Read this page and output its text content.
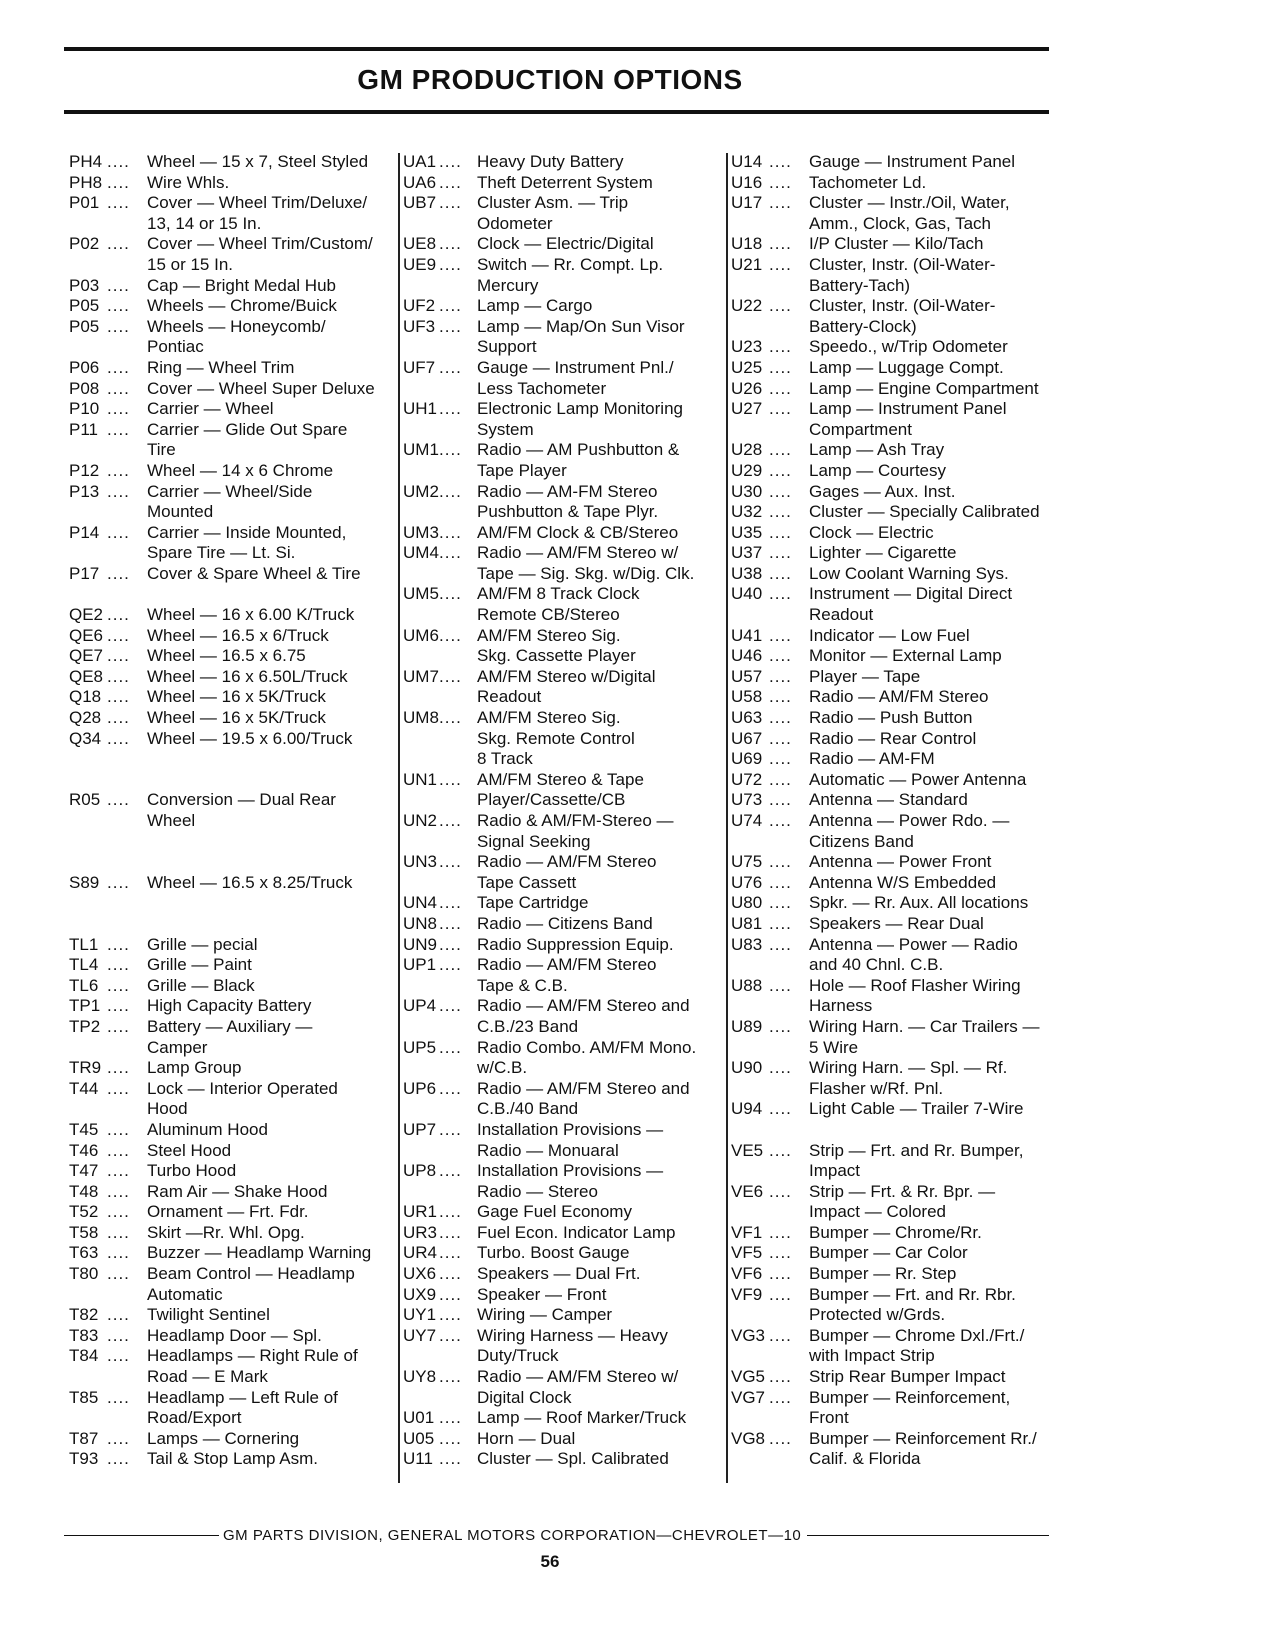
GM PRODUCTION OPTIONS
PH4 ....	Wheel — 15 x 7, Steel Styled
PH8 ....	Wire Whls.
P01 ....	Cover — Wheel Trim/Deluxe/
13, 14 or 15 In.
P02 ....	Cover — Wheel Trim/Custom/
15 or 15 In.
P03 ....	Cap — Bright Medal Hub
P05 ....	Wheels — Chrome/Buick
P05 ....	Wheels — Honeycomb/
Pontiac
P06 ....	Ring — Wheel Trim
P08 ....	Cover — Wheel Super Deluxe
P10 ....	Carrier — Wheel
P11 ....	Carrier — Glide Out Spare
Tire
P12 ....	Wheel — 14 x 6 Chrome
P13 ....	Carrier — Wheel/Side
Mounted
P14 ....	Carrier — Inside Mounted,
Spare Tire — Lt. Si.
P17 ....	Cover & Spare Wheel & Tire
QE2 ....	Wheel — 16 x 6.00 K/Truck
QE6 ....	Wheel — 16.5 x 6/Truck
QE7 ....	Wheel — 16.5 x 6.75
QE8 ....	Wheel — 16 x 6.50L/Truck
Q18 ....	Wheel — 16 x 5K/Truck
Q28 ....	Wheel — 16 x 5K/Truck
Q34 ....	Wheel — 19.5 x 6.00/Truck
R05 ....	Conversion — Dual Rear
Wheel
S89 ....	Wheel — 16.5 x 8.25/Truck
TL1 ....	Grille — pecial
TL4 ....	Grille — Paint
TL6 ....	Grille — Black
TP1 ....	High Capacity Battery
TP2 ....	Battery — Auxiliary —
Camper
TR9 ....	Lamp Group
T44 ....	Lock — Interior Operated
Hood
T45 ....	Aluminum Hood
T46 ....	Steel Hood
T47 ....	Turbo Hood
T48 ....	Ram Air — Shake Hood
T52 ....	Ornament — Frt. Fdr.
T58 ....	Skirt —Rr. Whl. Opg.
T63 ....	Buzzer — Headlamp Warning
T80 ....	Beam Control — Headlamp
Automatic
T82 ....	Twilight Sentinel
T83 ....	Headlamp Door — Spl.
T84 ....	Headlamps — Right Rule of
Road — E Mark
T85 ....	Headlamp — Left Rule of
Road/Export
T87 ....	Lamps — Cornering
T93 ....	Tail & Stop Lamp Asm.
UA1 .... Heavy Duty Battery
UA6 .... Theft Deterrent System
UB7 .... Cluster Asm. — Trip
Odometer
UE8 .... Clock — Electric/Digital
UE9 .... Switch — Rr. Compt. Lp.
Mercury
UF2 .... Lamp — Cargo
UF3 .... Lamp — Map/On Sun Visor
Support
UF7 .... Gauge — Instrument Pnl./
Less Tachometer
UH1 .... Electronic Lamp Monitoring
System
UM1 .... Radio — AM Pushbutton &
Tape Player
UM2 .... Radio — AM-FM Stereo
Pushbutton & Tape Plyr.
UM3 .... AM/FM Clock & CB/Stereo
UM4 .... Radio — AM/FM Stereo w/
Tape — Sig. Skg. w/Dig. Clk.
UM5 .... AM/FM 8 Track Clock
Remote CB/Stereo
UM6 .... AM/FM Stereo Sig.
Skg. Cassette Player
UM7 .... AM/FM Stereo w/Digital
Readout
UM8 .... AM/FM Stereo Sig.
Skg. Remote Control
8 Track
UN1 .... AM/FM Stereo & Tape
Player/Cassette/CB
UN2 .... Radio & AM/FM-Stereo —
Signal Seeking
UN3 .... Radio — AM/FM Stereo
Tape Cassett
UN4 .... Tape Cartridge
UN8 .... Radio — Citizens Band
UN9 .... Radio Suppression Equip.
UP1 .... Radio — AM/FM Stereo
Tape & C.B.
UP4 .... Radio — AM/FM Stereo and
C.B./23 Band
UP5 .... Radio Combo. AM/FM Mono.
w/C.B.
UP6 .... Radio — AM/FM Stereo and
C.B./40 Band
UP7 .... Installation Provisions —
Radio — Monuaral
UP8 .... Installation Provisions —
Radio — Stereo
UR1 .... Gage Fuel Economy
UR3 .... Fuel Econ. Indicator Lamp
UR4 .... Turbo. Boost Gauge
UX6 .... Speakers — Dual Frt.
UX9 .... Speaker — Front
UY1 .... Wiring — Camper
UY7 .... Wiring Harness — Heavy
Duty/Truck
UY8 .... Radio — AM/FM Stereo w/
Digital Clock
U01 .... Lamp — Roof Marker/Truck
U05 .... Horn — Dual
U11 .... Cluster — Spl. Calibrated
U14 ....	Gauge — Instrument Panel
U16 ....	Tachometer Ld.
U17 ....	Cluster — Instr./Oil, Water,
Amm., Clock, Gas, Tach
U18 ....	I/P Cluster — Kilo/Tach
U21 ....	Cluster, Instr. (Oil-Water-
Battery-Tach)
U22 ....	Cluster, Instr. (Oil-Water-
Battery-Clock)
U23 ....	Speedo., w/Trip Odometer
U25 ....	Lamp — Luggage Compt.
U26 ....	Lamp — Engine Compartment
U27 ....	Lamp — Instrument Panel
Compartment
U28 ....	Lamp — Ash Tray
U29 ....	Lamp — Courtesy
U30 ....	Gages — Aux. Inst.
U32 ....	Cluster — Specially Calibrated
U35 ....	Clock — Electric
U37 ....	Lighter — Cigarette
U38 ....	Low Coolant Warning Sys.
U40 ....	Instrument — Digital Direct
Readout
U41 ....	Indicator — Low Fuel
U46 ....	Monitor — External Lamp
U57 ....	Player — Tape
U58 ....	Radio — AM/FM Stereo
U63 ....	Radio — Push Button
U67 ....	Radio — Rear Control
U69 ....	Radio — AM-FM
U72 ....	Automatic — Power Antenna
U73 ....	Antenna — Standard
U74 ....	Antenna — Power Rdo. —
Citizens Band
U75 ....	Antenna — Power Front
U76 ....	Antenna W/S Embedded
U80 ....	Spkr. — Rr. Aux. All locations
U81 ....	Speakers — Rear Dual
U83 ....	Antenna — Power — Radio
and 40 Chnl. C.B.
U88 ....	Hole — Roof Flasher Wiring
Harness
U89 ....	Wiring Harn. — Car Trailers —
5 Wire
U90 ....	Wiring Harn. — Spl. — Rf.
Flasher w/Rf. Pnl.
U94 ....	Light Cable — Trailer 7-Wire
VE5 ....	Strip — Frt. and Rr. Bumper,
Impact
VE6 ....	Strip — Frt. & Rr. Bpr. —
Impact — Colored
VF1 ....	Bumper — Chrome/Rr.
VF5 ....	Bumper — Car Color
VF6 ....	Bumper — Rr. Step
VF9 ....	Bumper — Frt. and Rr. Rbr.
Protected w/Grds.
VG3 ....	Bumper — Chrome Dxl./Frt./
with Impact Strip
VG5 ....	Strip Rear Bumper Impact
VG7 ....	Bumper — Reinforcement,
Front
VG8 ....	Bumper — Reinforcement Rr./
Calif. & Florida
GM PARTS DIVISION, GENERAL MOTORS CORPORATION—CHEVROLET—10
56
